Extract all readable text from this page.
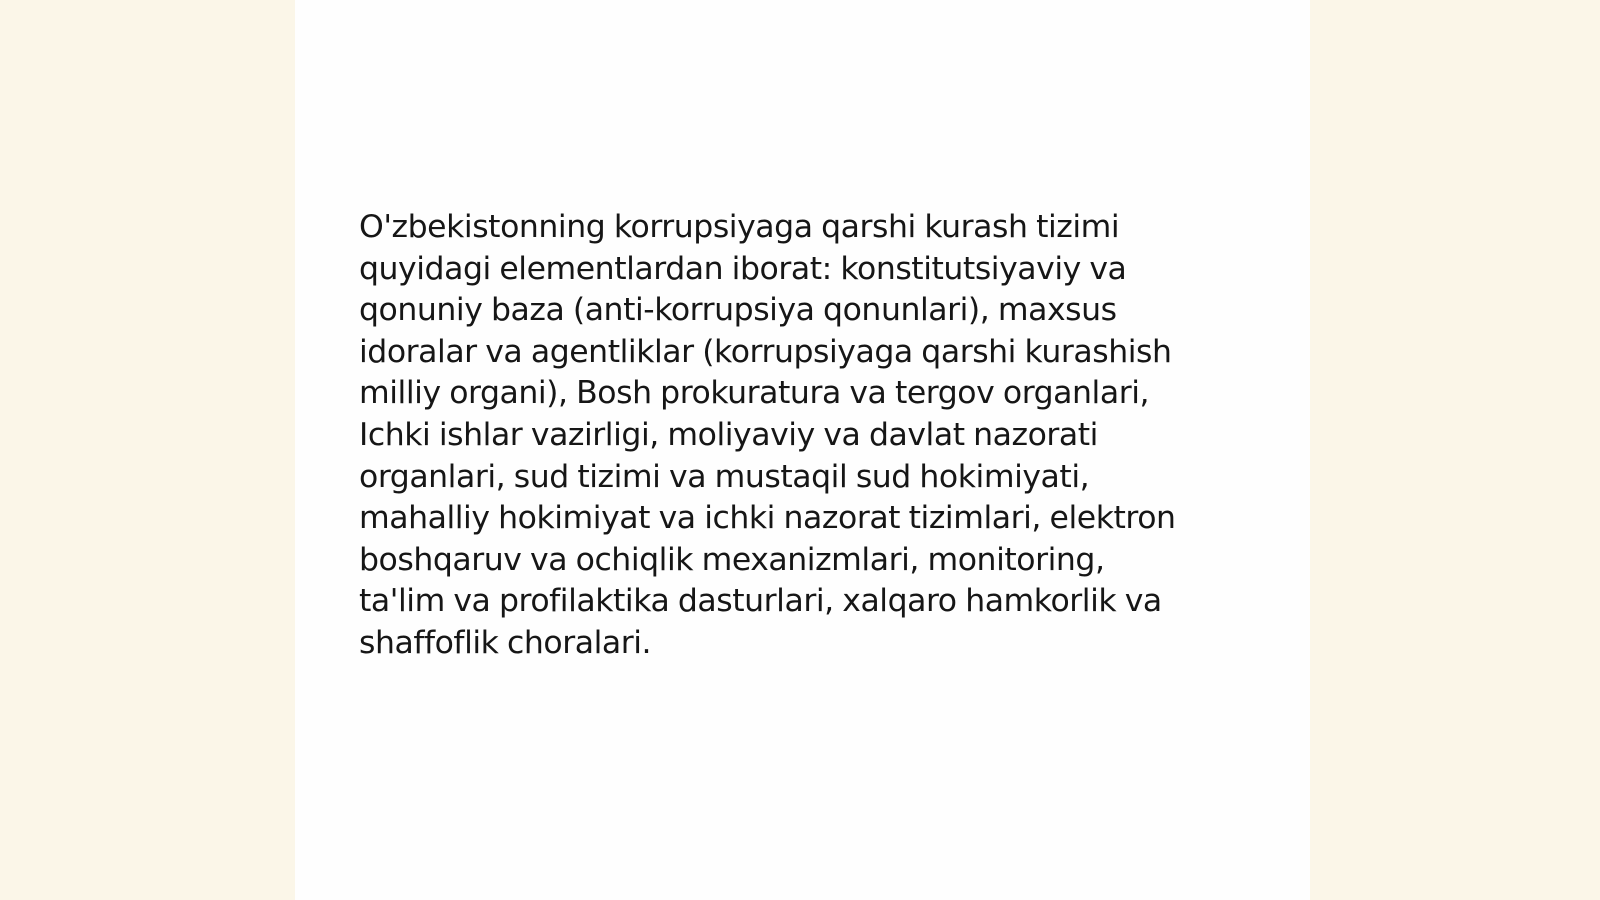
O'zbekistonning korrupsiyaga qarshi kurash tizimi
quyidagi elementlardan iborat: konstitutsiyaviy va
qonuniy baza (anti-korrupsiya qonunlari), maxsus
idoralar va agentliklar (korrupsiyaga qarshi kurashish
milliy organi), Bosh prokuratura va tergov organlari,
Ichki ishlar vazirligi, moliyaviy va davlat nazorati
organlari, sud tizimi va mustaqil sud hokimiyati,
mahalliy hokimiyat va ichki nazorat tizimlari, elektron
boshqaruv va ochiqlik mexanizmlari, monitoring,
ta'lim va profilaktika dasturlari, xalqaro hamkorlik va
shaffoflik choralari.
